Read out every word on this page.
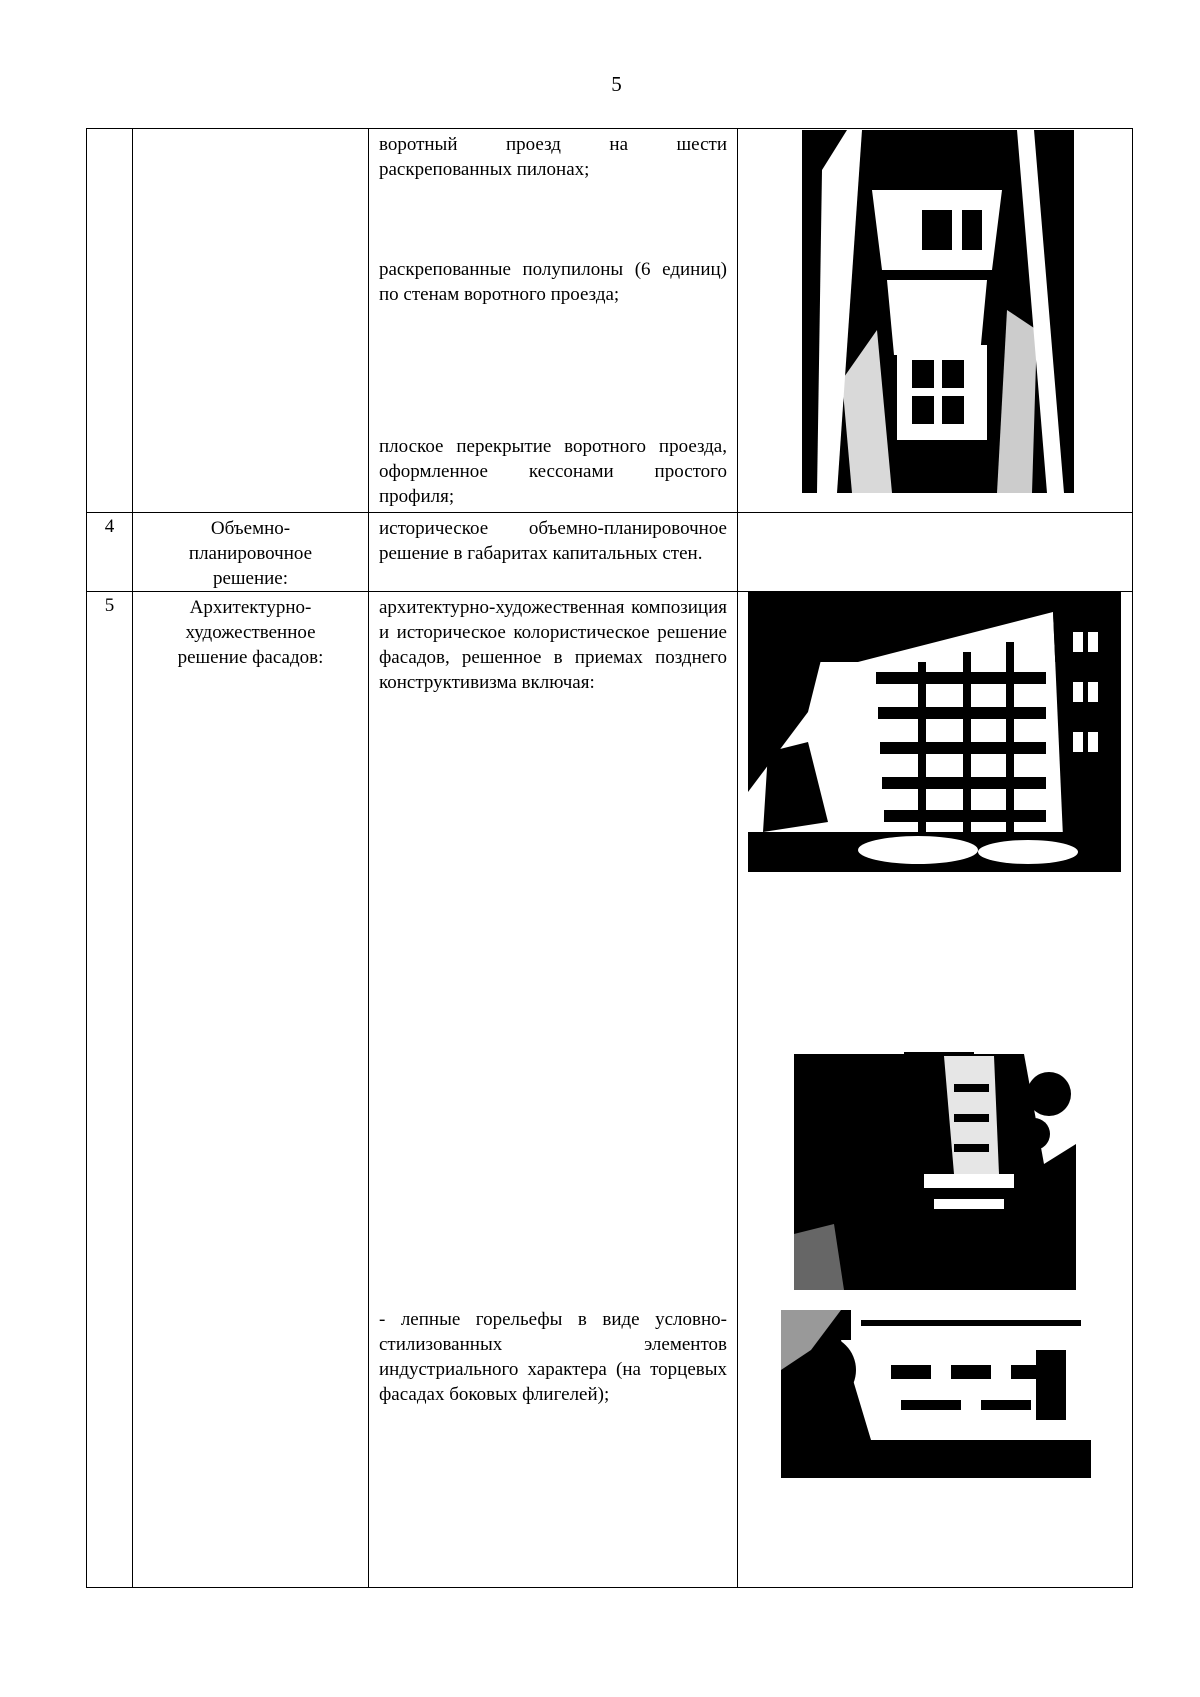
5

		воротный проезд на шести раскрепованных пилонах;
раскрепованные полупилоны (6 единиц) по стенам воротного проезда;
плоское перекрытие воротного проезда, оформленное кессонами простого профиля;

4	Объемно-планировочное решение:	историческое объемно-планировочное решение в габаритах капитальных стен.	

5	Архитектурно-художественное решение фасадов:	архитектурно-художественная композиция и историческое колористическое решение фасадов, решенное в приемах позднего конструктивизма включая:
- лепные горельефы в виде условно-стилизованных элементов индустриального характера (на торцевых фасадах боковых флигелей);
